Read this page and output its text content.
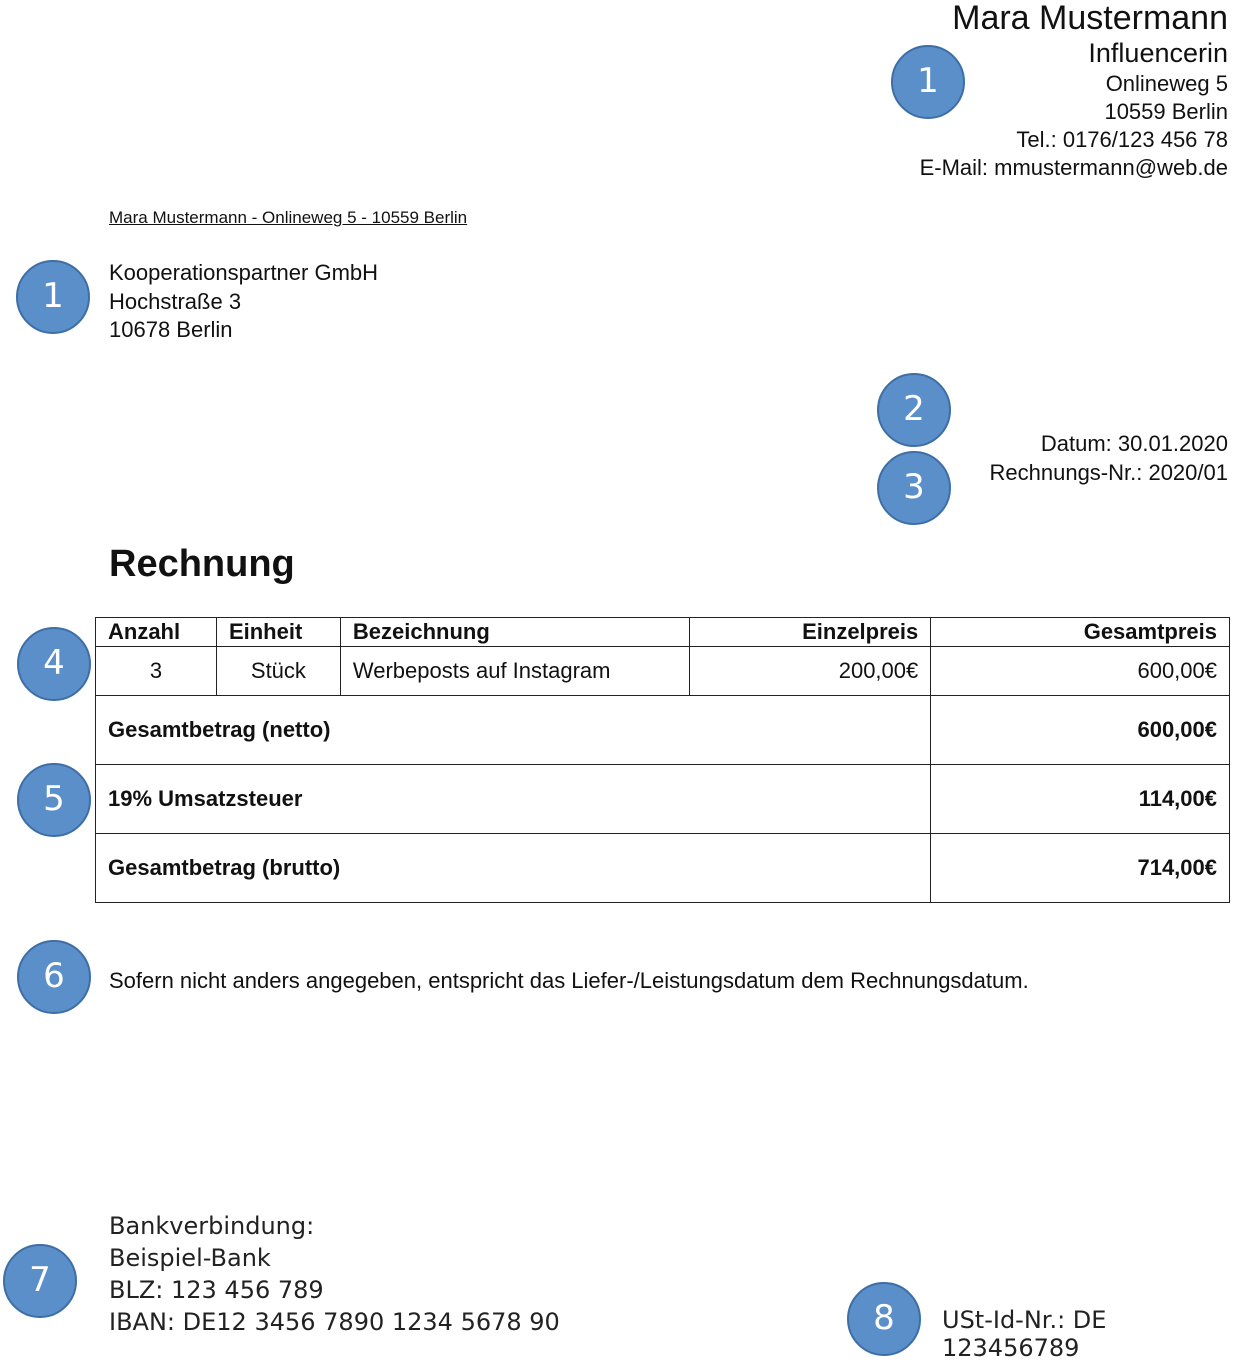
Mara Mustermann
Influencerin
Onlineweg 5
10559 Berlin
Tel.: 0176/123 456 78
E-Mail: mmustermann@web.de
Mara Mustermann - Onlineweg 5 - 10559 Berlin
Kooperationspartner GmbH
Hochstraße 3
10678 Berlin
Datum: 30.01.2020
Rechnungs-Nr.: 2020/01
Rechnung
Anzahl	Einheit	Bezeichnung	Einzelpreis	Gesamtpreis
3	Stück	Werbeposts auf Instagram	200,00€	600,00€
Gesamtbetrag (netto)				600,00€
19% Umsatzsteuer				114,00€
Gesamtbetrag (brutto)				714,00€
Sofern nicht anders angegeben, entspricht das Liefer-/Leistungsdatum dem Rechnungsdatum.
Bankverbindung:
Beispiel-Bank
BLZ: 123 456 789
IBAN: DE12 3456 7890 1234 5678 90	USt-Id-Nr.: DE 123456789
1
1
2
3
4
5
6
7
8
